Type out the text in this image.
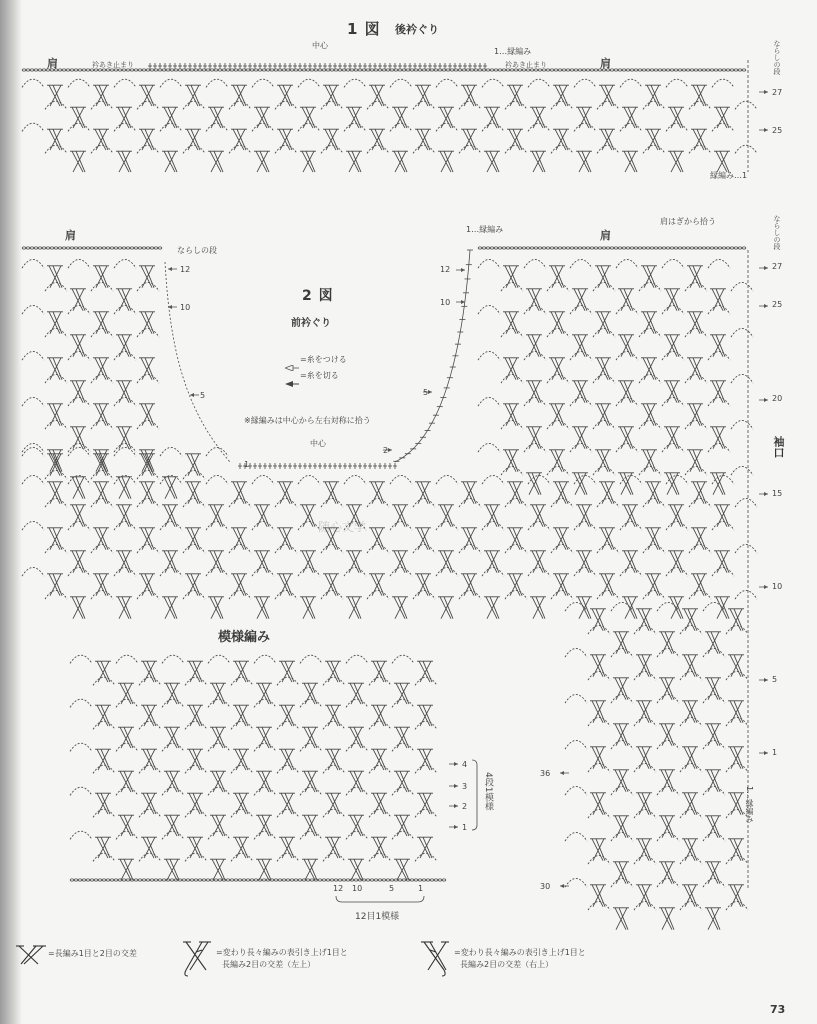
1 図 後衿ぐり
中心
肩	肩
衿あき止まり	衿あき止まり
1…縁編み
縁編み…1
ならしの段
27
25
肩	肩
ならしの段
ならしの段
肩はぎから拾う
1…縁編み
12
10
5
12
10
5
2
1
2 図
前衿ぐり
=糸をつける
=糸を切る
※縁編みは中心から左右対称に拾う
中心
27
25
20
15
10
5
1
袖口
36
30
1…縁編み
随心文学
模様編み
4
3
2
1
4段1模様
12 10	5	1
12目1模様
=長編み1目と2目の交差	=変わり長々編みの表引き上げ1目と
長編み2目の交差（左上）
=変わり長々編みの表引き上げ1目と
長編み2目の交差（右上）
73
